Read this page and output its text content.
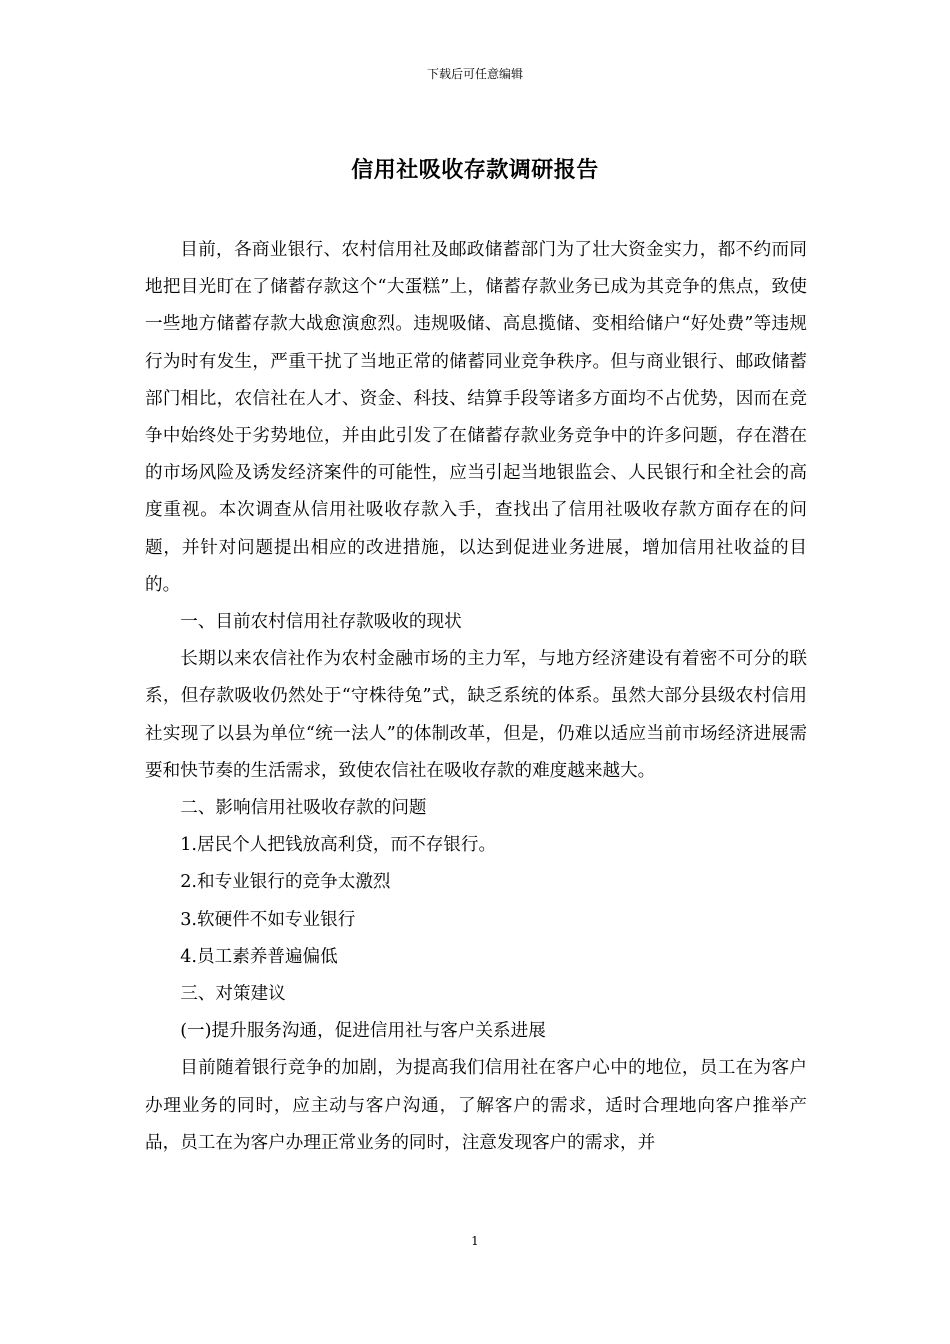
下载后可任意编辑
信用社吸收存款调研报告

目前，各商业银行、农村信用社及邮政储蓄部门为了壮大资金实力，都不约而同地把目光盯在了储蓄存款这个“大蛋糕”上，储蓄存款业务已成为其竞争的焦点，致使一些地方储蓄存款大战愈演愈烈。违规吸储、高息揽储、变相给储户“好处费”等违规行为时有发生，严重干扰了当地正常的储蓄同业竞争秩序。但与商业银行、邮政储蓄部门相比，农信社在人才、资金、科技、结算手段等诸多方面均不占优势，因而在竞争中始终处于劣势地位，并由此引发了在储蓄存款业务竞争中的许多问题，存在潜在的市场风险及诱发经济案件的可能性，应当引起当地银监会、人民银行和全社会的高度重视。本次调查从信用社吸收存款入手，查找出了信用社吸收存款方面存在的问题，并针对问题提出相应的改进措施，以达到促进业务进展，增加信用社收益的目的。

一、目前农村信用社存款吸收的现状

长期以来农信社作为农村金融市场的主力军，与地方经济建设有着密不可分的联系，但存款吸收仍然处于“守株待兔”式，缺乏系统的体系。虽然大部分县级农村信用社实现了以县为单位“统一法人”的体制改革，但是，仍难以适应当前市场经济进展需要和快节奏的生活需求，致使农信社在吸收存款的难度越来越大。

二、影响信用社吸收存款的问题

1.居民个人把钱放高利贷，而不存银行。

2.和专业银行的竞争太激烈

3.软硬件不如专业银行

4.员工素养普遍偏低

三、对策建议

(一)提升服务沟通，促进信用社与客户关系进展

目前随着银行竞争的加剧，为提高我们信用社在客户心中的地位，员工在为客户办理业务的同时，应主动与客户沟通，了解客户的需求，适时合理地向客户推举产品，员工在为客户办理正常业务的同时，注意发现客户的需求，并

1
